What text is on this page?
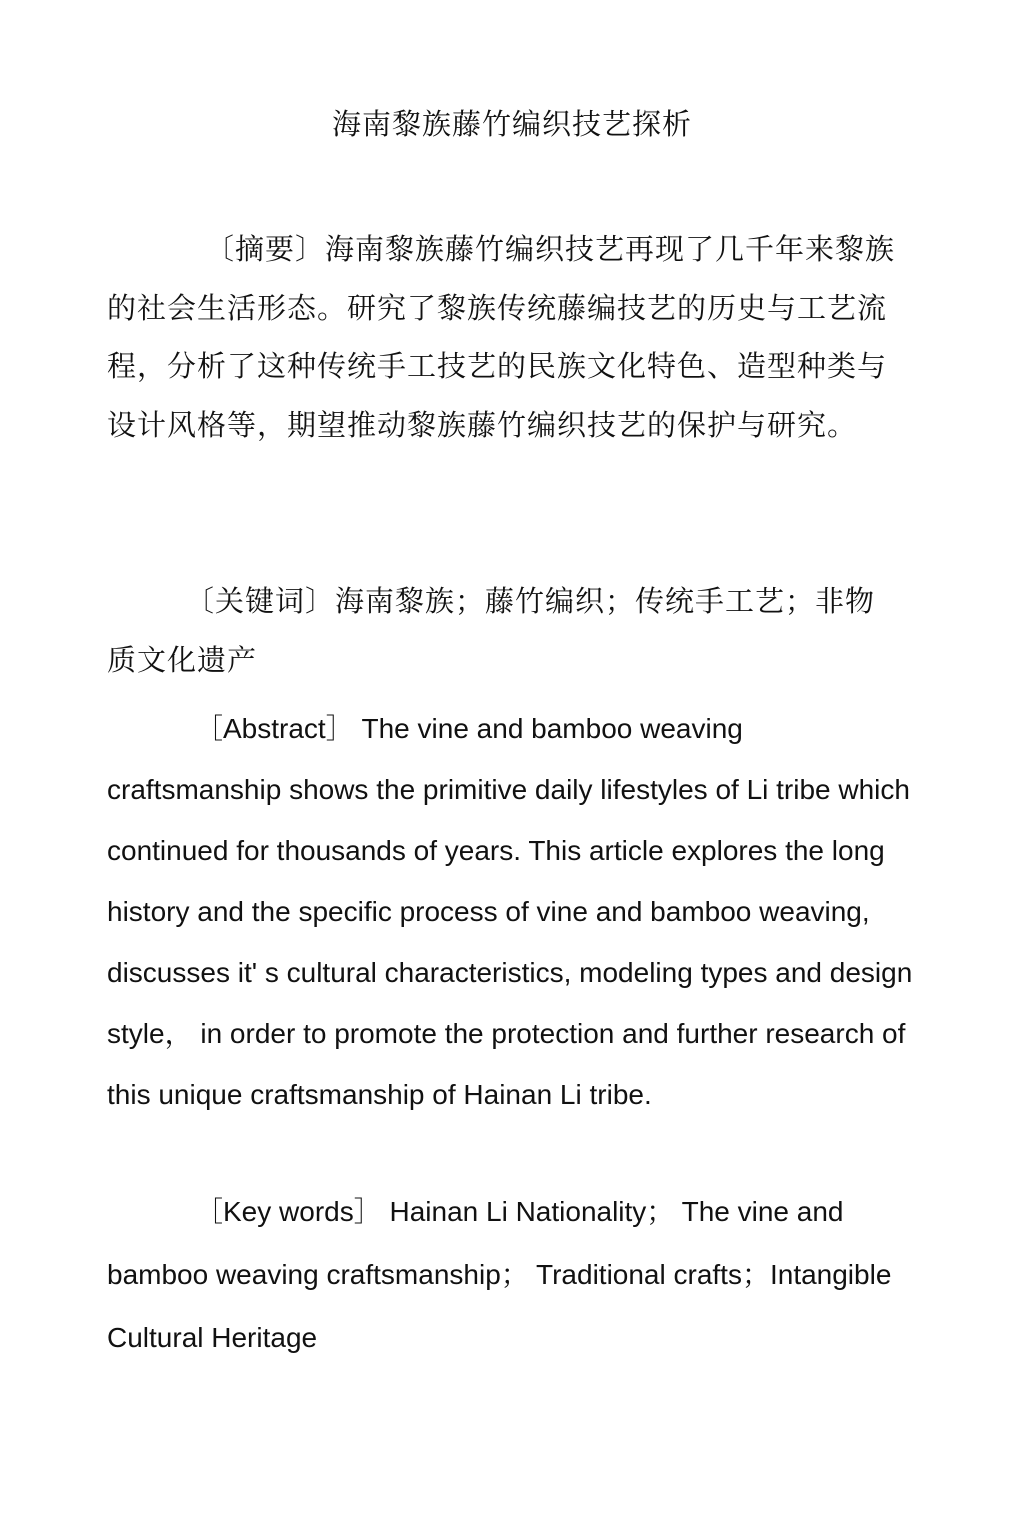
海南黎族藤竹编织技艺探析

〔摘要〕海南黎族藤竹编织技艺再现了几千年来黎族的社会生活形态。研究了黎族传统藤编技艺的历史与工艺流程，分析了这种传统手工技艺的民族文化特色、造型种类与设计风格等，期望推动黎族藤竹编织技艺的保护与研究。

〔关键词〕海南黎族；藤竹编织；传统手工艺；非物质文化遗产

［Abstract］ The vine and bamboo weaving craftsmanship shows the primitive daily lifestyles of Li tribe which continued for thousands of years. This article explores the long history and the specific process of vine and bamboo weaving, discusses it' s cultural characteristics, modeling types and design style， in order to promote the protection and further research of this unique craftsmanship of Hainan Li tribe.

［Key words］ Hainan Li Nationality； The vine and bamboo weaving craftsmanship； Traditional crafts；Intangible Cultural Heritage
